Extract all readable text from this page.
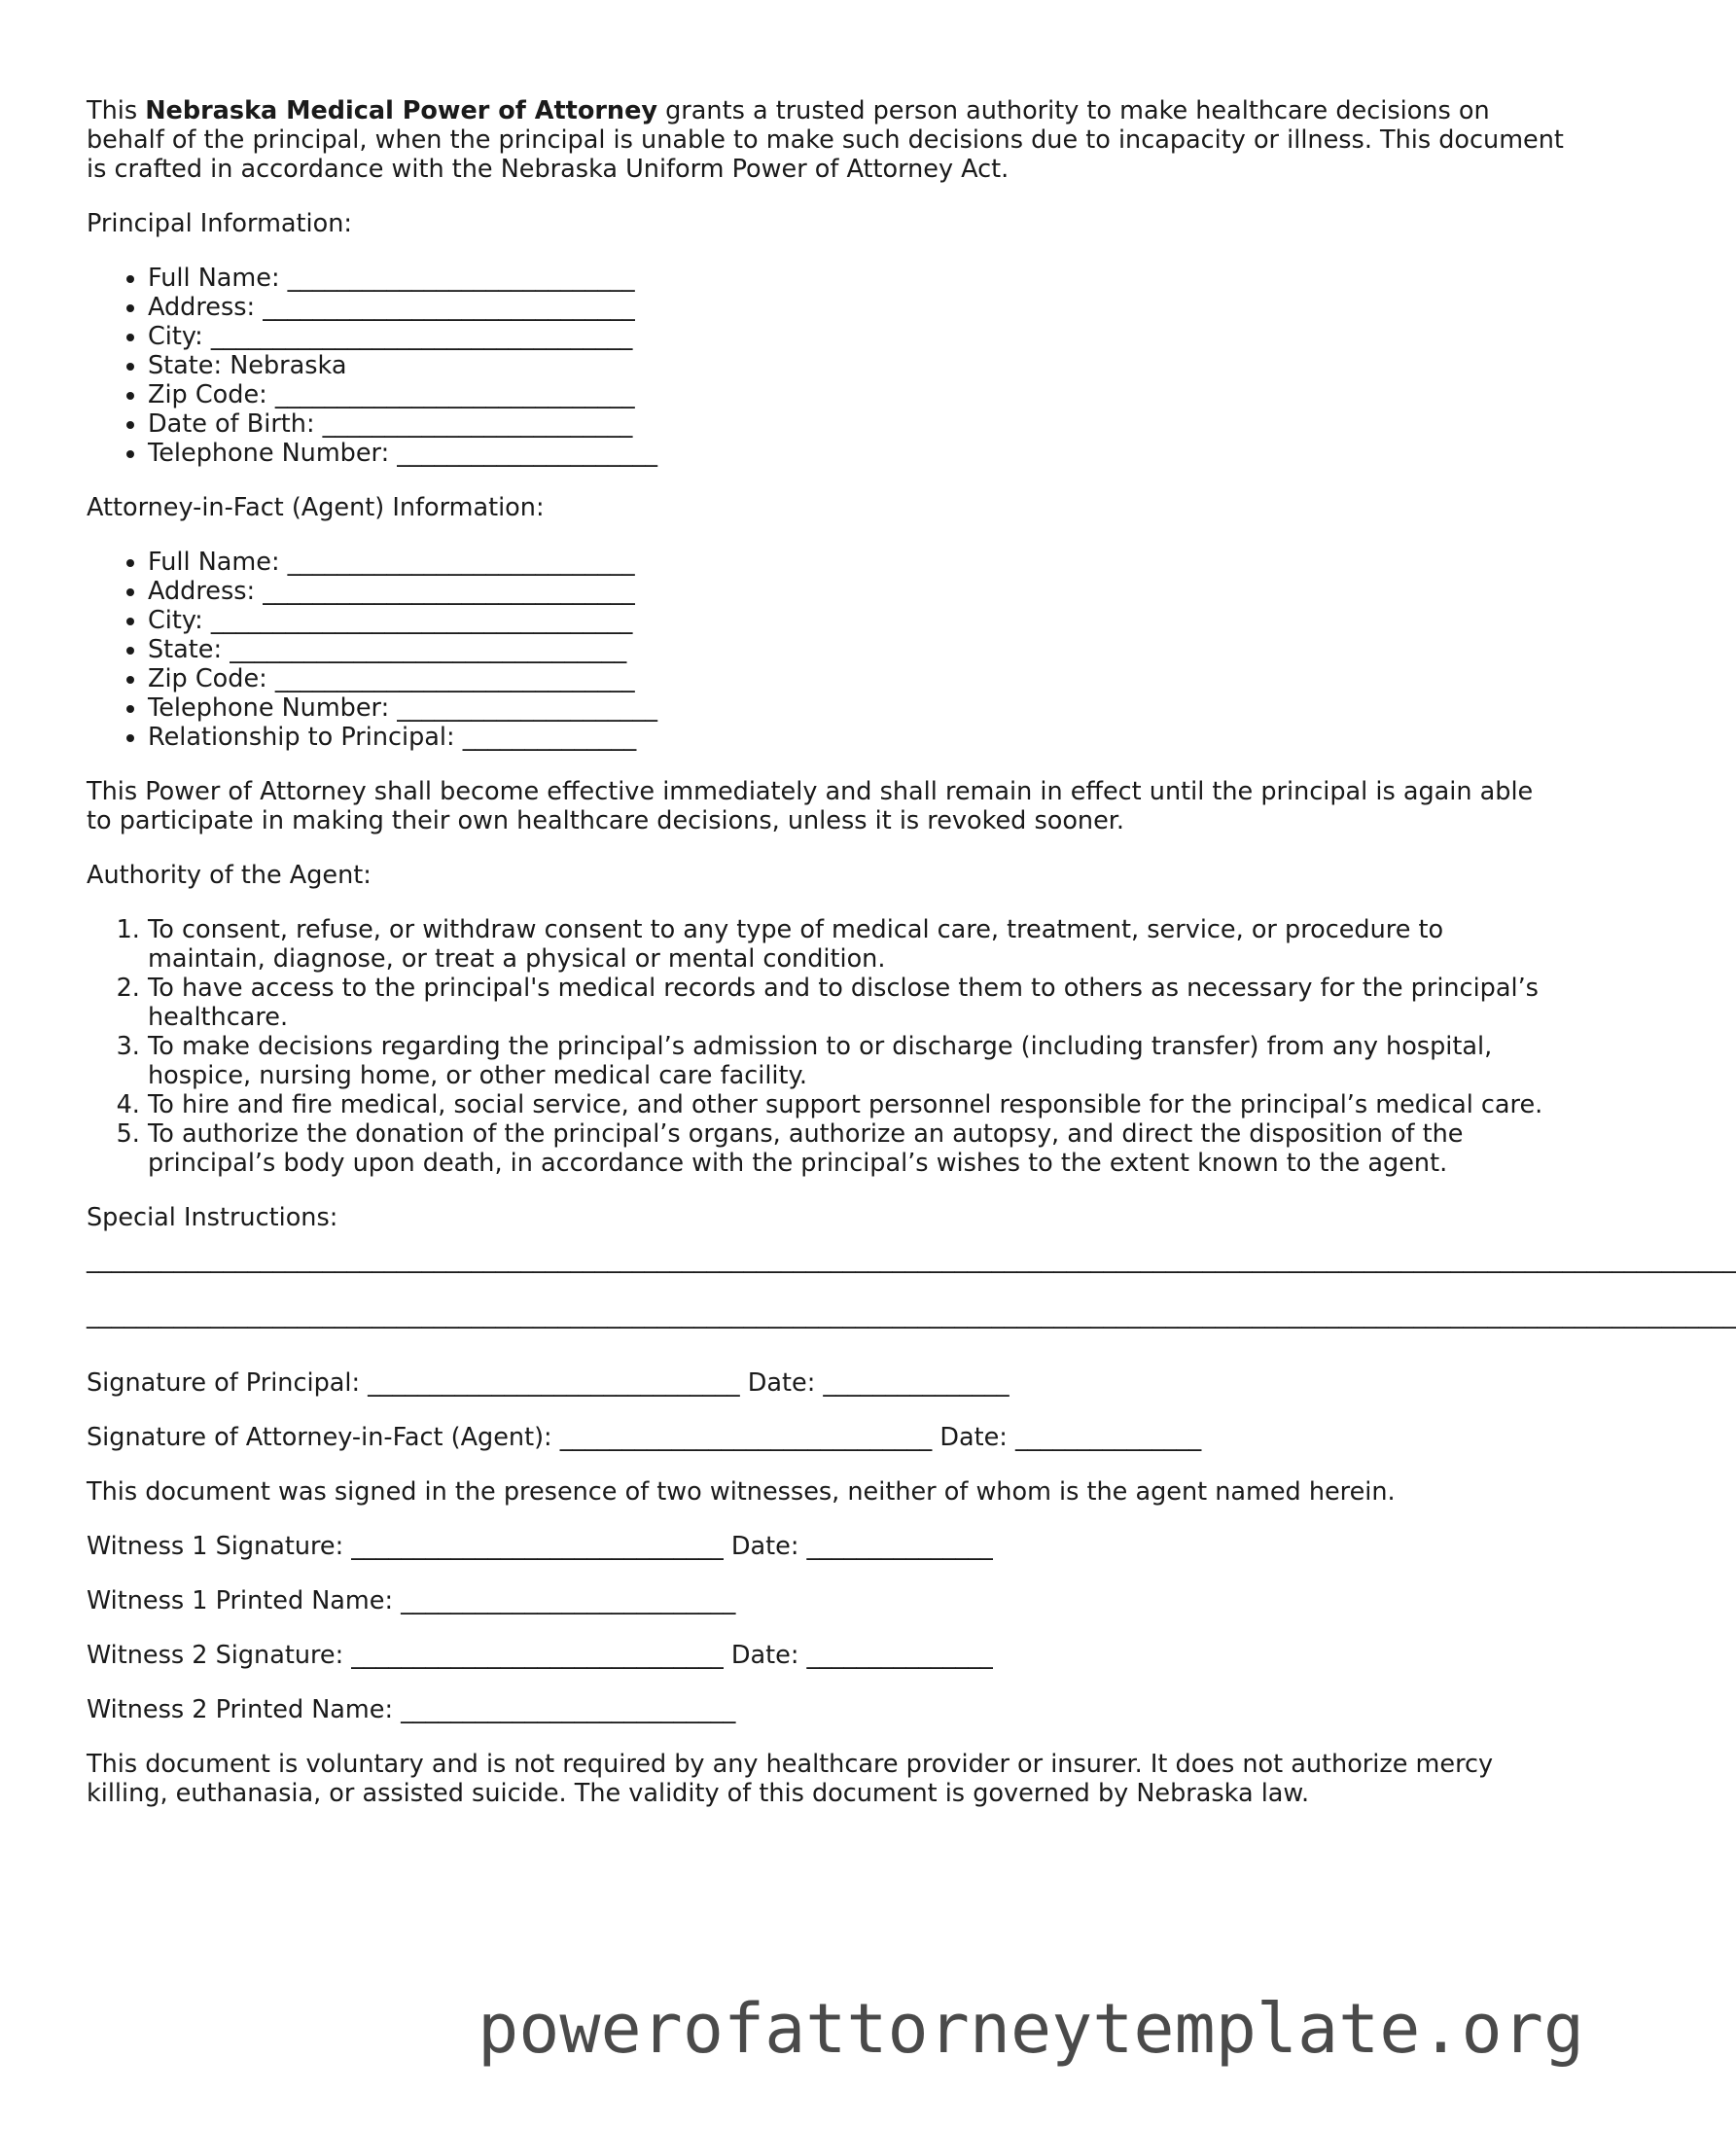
This Nebraska Medical Power of Attorney grants a trusted person authority to make healthcare decisions on behalf of the principal, when the principal is unable to make such decisions due to incapacity or illness. This document is crafted in accordance with the Nebraska Uniform Power of Attorney Act.

Principal Information:

• Full Name: ____________________________
• Address: ______________________________
• City: __________________________________
• State: Nebraska
• Zip Code: _____________________________
• Date of Birth: _________________________
• Telephone Number: _____________________

Attorney-in-Fact (Agent) Information:

• Full Name: ____________________________
• Address: ______________________________
• City: __________________________________
• State: ________________________________
• Zip Code: _____________________________
• Telephone Number: _____________________
• Relationship to Principal: ______________

This Power of Attorney shall become effective immediately and shall remain in effect until the principal is again able to participate in making their own healthcare decisions, unless it is revoked sooner.

Authority of the Agent:

1. To consent, refuse, or withdraw consent to any type of medical care, treatment, service, or procedure to maintain, diagnose, or treat a physical or mental condition.
2. To have access to the principal's medical records and to disclose them to others as necessary for the principal’s healthcare.
3. To make decisions regarding the principal’s admission to or discharge (including transfer) from any hospital, hospice, nursing home, or other medical care facility.
4. To hire and fire medical, social service, and other support personnel responsible for the principal’s medical care.
5. To authorize the donation of the principal’s organs, authorize an autopsy, and direct the disposition of the principal’s body upon death, in accordance with the principal’s wishes to the extent known to the agent.

Special Instructions:

_____________________________________________________________________________________________________________________________________
_____________________________________________________________________________________________________________________________________

Signature of Principal: ______________________________ Date: _______________

Signature of Attorney-in-Fact (Agent): ______________________________ Date: _______________

This document was signed in the presence of two witnesses, neither of whom is the agent named herein.

Witness 1 Signature: ______________________________ Date: _______________

Witness 1 Printed Name: ___________________________

Witness 2 Signature: ______________________________ Date: _______________

Witness 2 Printed Name: ___________________________

This document is voluntary and is not required by any healthcare provider or insurer. It does not authorize mercy killing, euthanasia, or assisted suicide. The validity of this document is governed by Nebraska law.

powerofattorneytemplate.org
